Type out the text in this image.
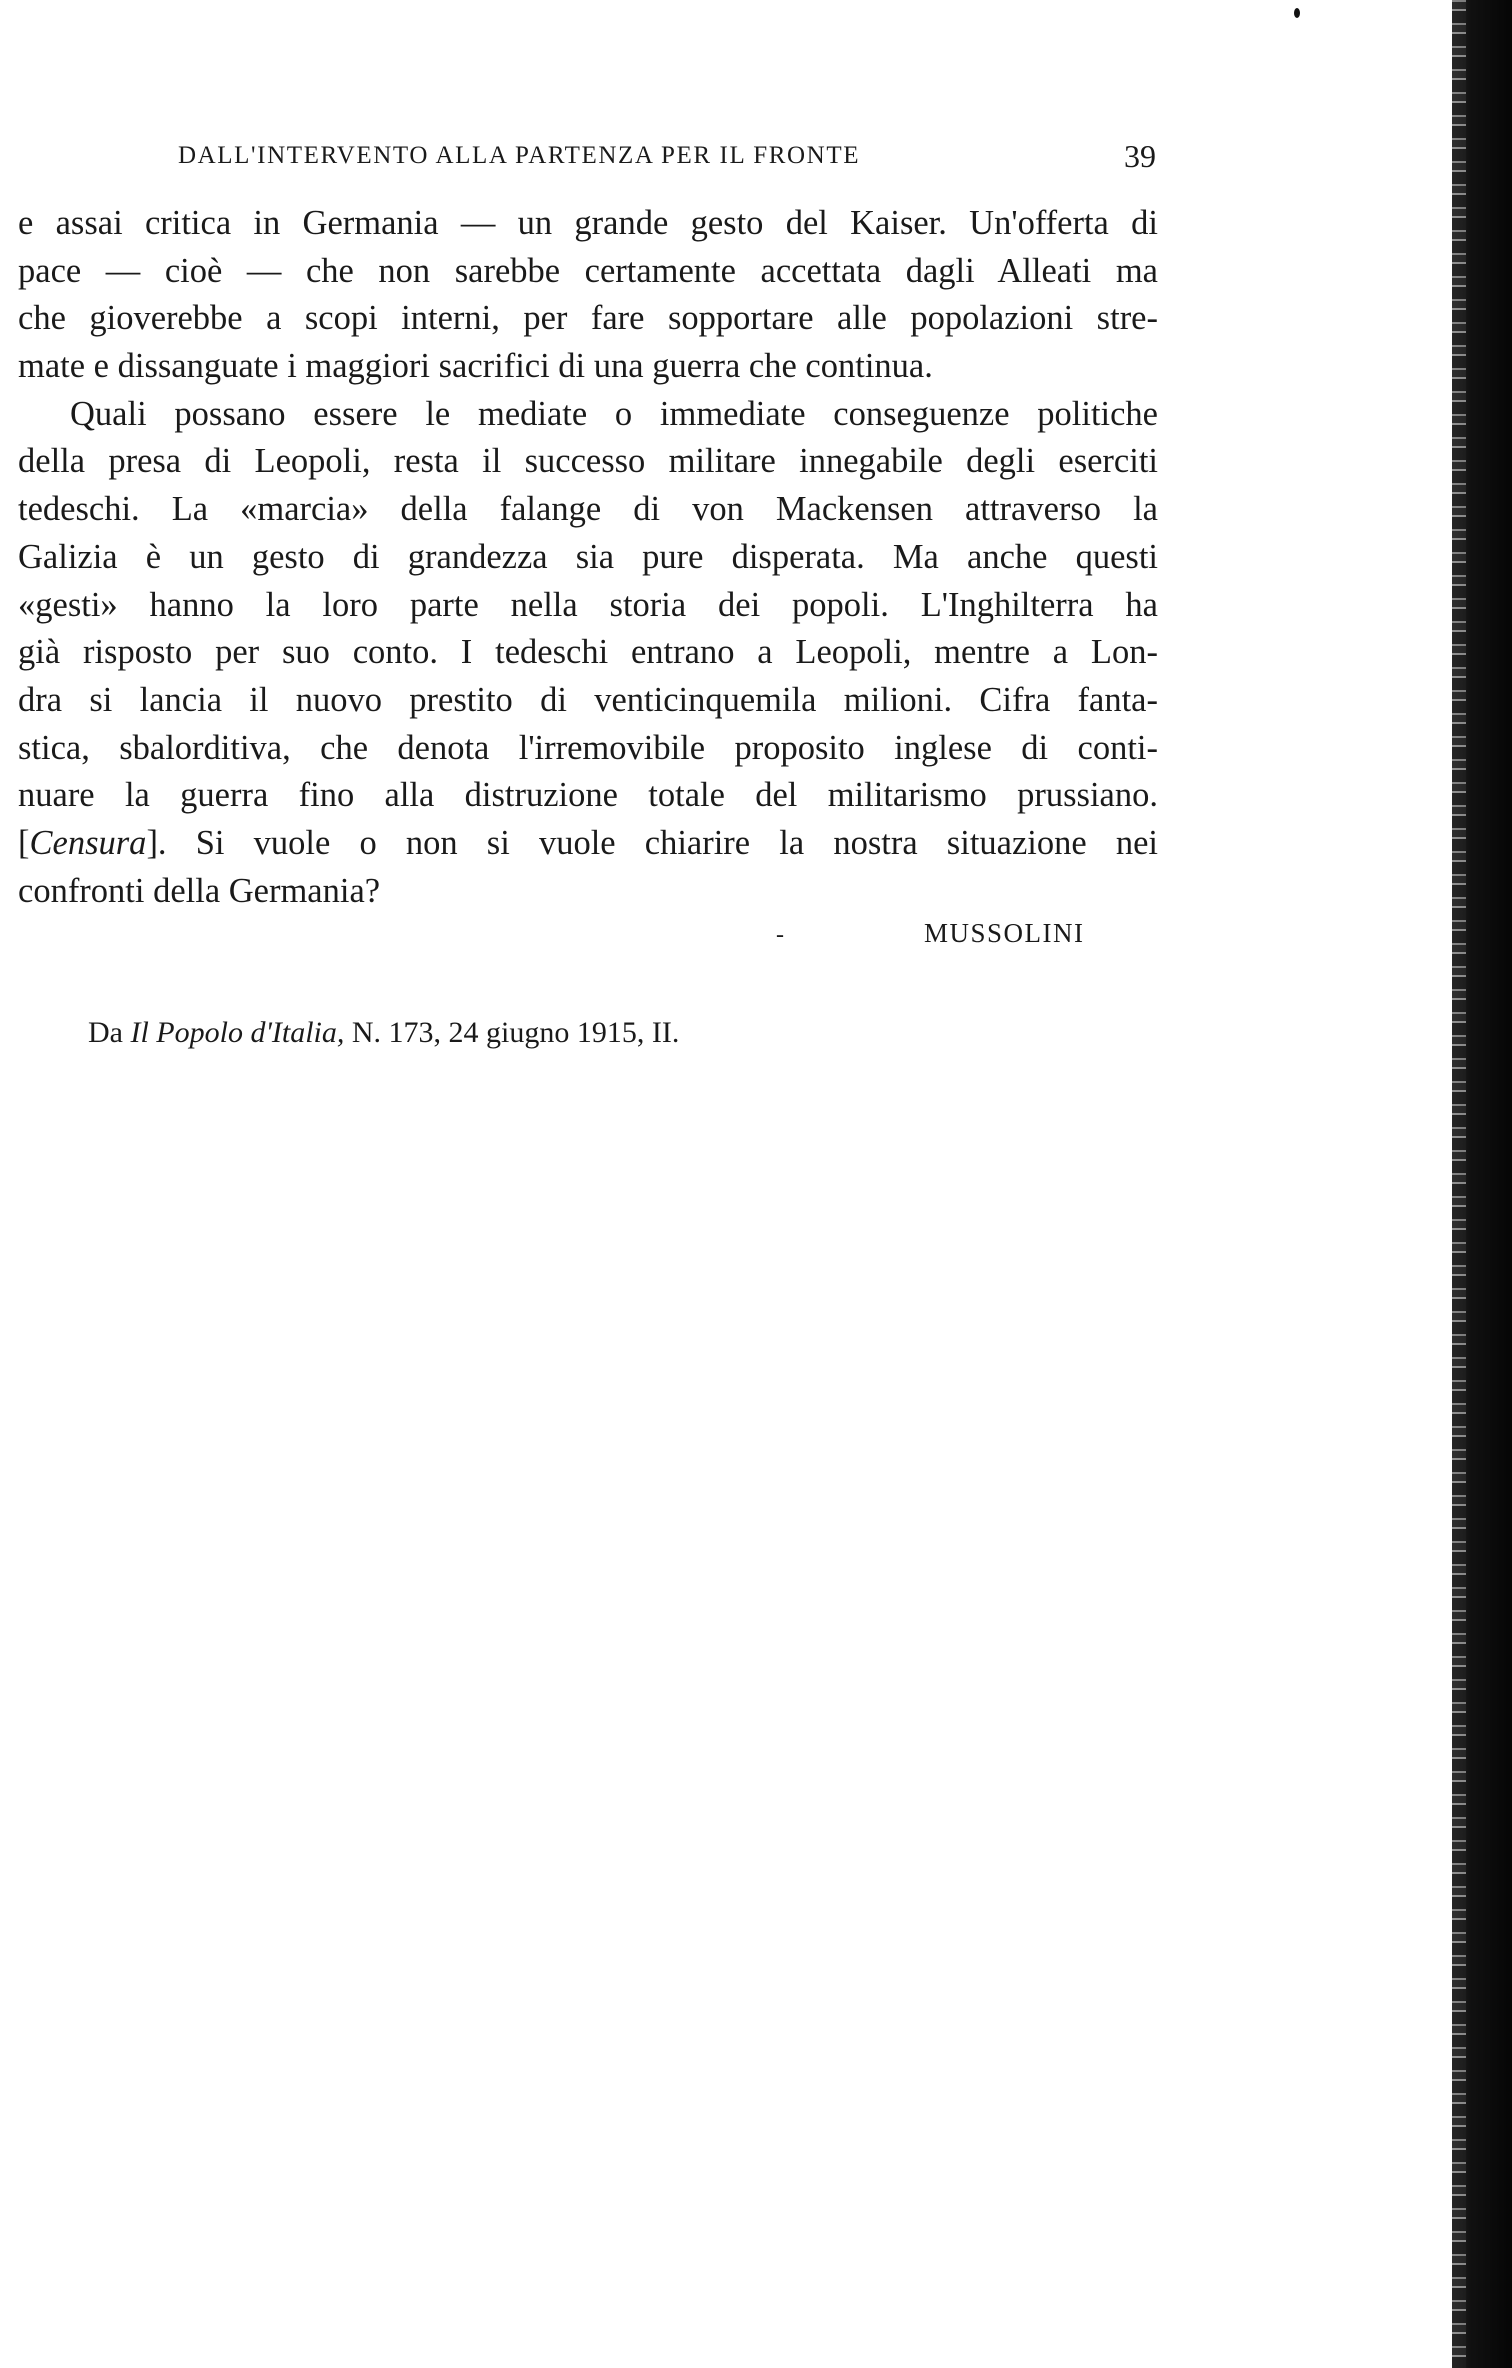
DALL'INTERVENTO ALLA PARTENZA PER IL FRONTE	39
e assai critica in Germania — un grande gesto del Kaiser. Un'offerta di
pace — cioè — che non sarebbe certamente accettata dagli Alleati ma
che gioverebbe a scopi interni, per fare sopportare alle popolazioni stre-
mate e dissanguate i maggiori sacrifici di una guerra che continua.
Quali possano essere le mediate o immediate conseguenze politiche
della presa di Leopoli, resta il successo militare innegabile degli eserciti
tedeschi. La «marcia» della falange di von Mackensen attraverso la
Galizia è un gesto di grandezza sia pure disperata. Ma anche questi
«gesti» hanno la loro parte nella storia dei popoli. L'Inghilterra ha
già risposto per suo conto. I tedeschi entrano a Leopoli, mentre a Lon-
dra si lancia il nuovo prestito di venticinquemila milioni. Cifra fanta-
stica, sbalorditiva, che denota l'irremovibile proposito inglese di conti-
nuare la guerra fino alla distruzione totale del militarismo prussiano.
[Censura]. Si vuole o non si vuole chiarire la nostra situazione nei
confronti della Germania?
-	MUSSOLINI
Da Il Popolo d'Italia, N. 173, 24 giugno 1915, II.
